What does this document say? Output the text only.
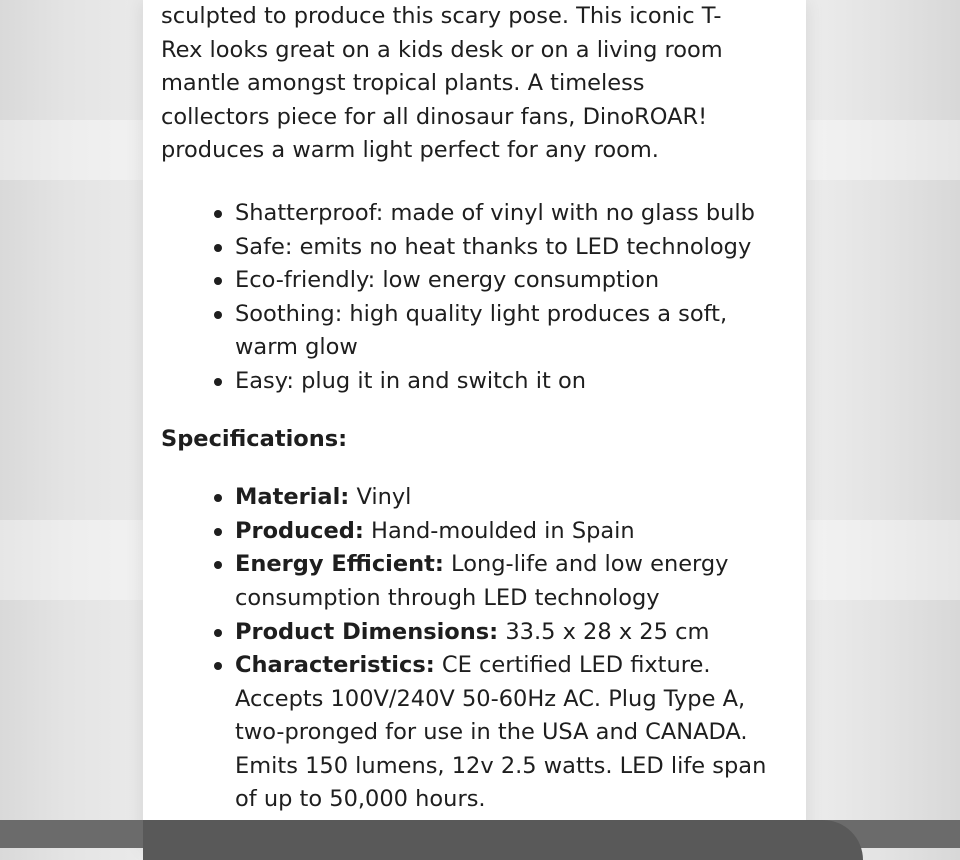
sculpted to produce this scary pose. This iconic T-
Rex looks great on a kids desk or on a living room
mantle amongst tropical plants. A timeless
collectors piece for all dinosaur fans, DinoROAR!
produces a warm light perfect for any room.

Shatterproof: made of vinyl with no glass bulb
Safe: emits no heat thanks to LED technology
Eco-friendly: low energy consumption
Soothing: high quality light produces a soft,
warm glow
Easy: plug it in and switch it on

Specifications:

Material: Vinyl
Produced: Hand-moulded in Spain
Energy Efficient: Long-life and low energy
consumption through LED technology
Product Dimensions: 33.5 x 28 x 25 cm
Characteristics: CE certified LED fixture.
Accepts 100V/240V 50-60Hz AC. Plug Type A,
two-pronged for use in the USA and CANADA.
Emits 150 lumens, 12v 2.5 watts. LED life span
of up to 50,000 hours.
